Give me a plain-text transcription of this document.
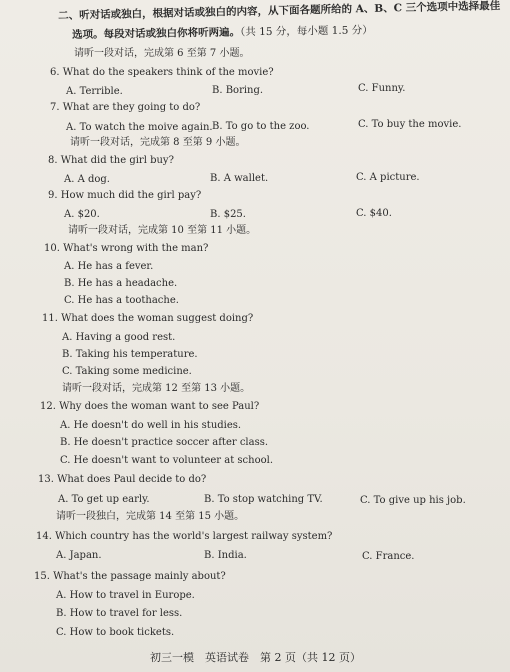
二、听对话或独白，根据对话或独白的内容，从下面各题所给的 A、B、C 三个选项中选择最佳
选项。每段对话或独白你将听两遍。（共 15 分，每小题 1.5 分）
请听一段对话，完成第 6 至第 7 小题。
6. What do the speakers think of the movie?
A. Terrible.	B. Boring.	C. Funny.
7. What are they going to do?
A. To watch the moive again. B. To go to the zoo.	C. To buy the movie.
请听一段对话，完成第 8 至第 9 小题。
8. What did the girl buy?
A. A dog.	B. A wallet.	C. A picture.
9. How much did the girl pay?
A. $20.	B. $25.	C. $40.
请听一段对话，完成第 10 至第 11 小题。
10. What's wrong with the man?
A. He has a fever.
B. He has a headache.
C. He has a toothache.
11. What does the woman suggest doing?
A. Having a good rest.
B. Taking his temperature.
C. Taking some medicine.
请听一段对话，完成第 12 至第 13 小题。
12. Why does the woman want to see Paul?
A. He doesn't do well in his studies.
B. He doesn't practice soccer after class.
C. He doesn't want to volunteer at school.
13. What does Paul decide to do?
A. To get up early.	B. To stop watching TV.	C. To give up his job.
请听一段独白，完成第 14 至第 15 小题。
14. Which country has the world's largest railway system?
A. Japan.	B. India.	C. France.
15. What's the passage mainly about?
A. How to travel in Europe.
B. How to travel for less.
C. How to book tickets.
初三一模　英语试卷　第 2 页（共 12 页）
